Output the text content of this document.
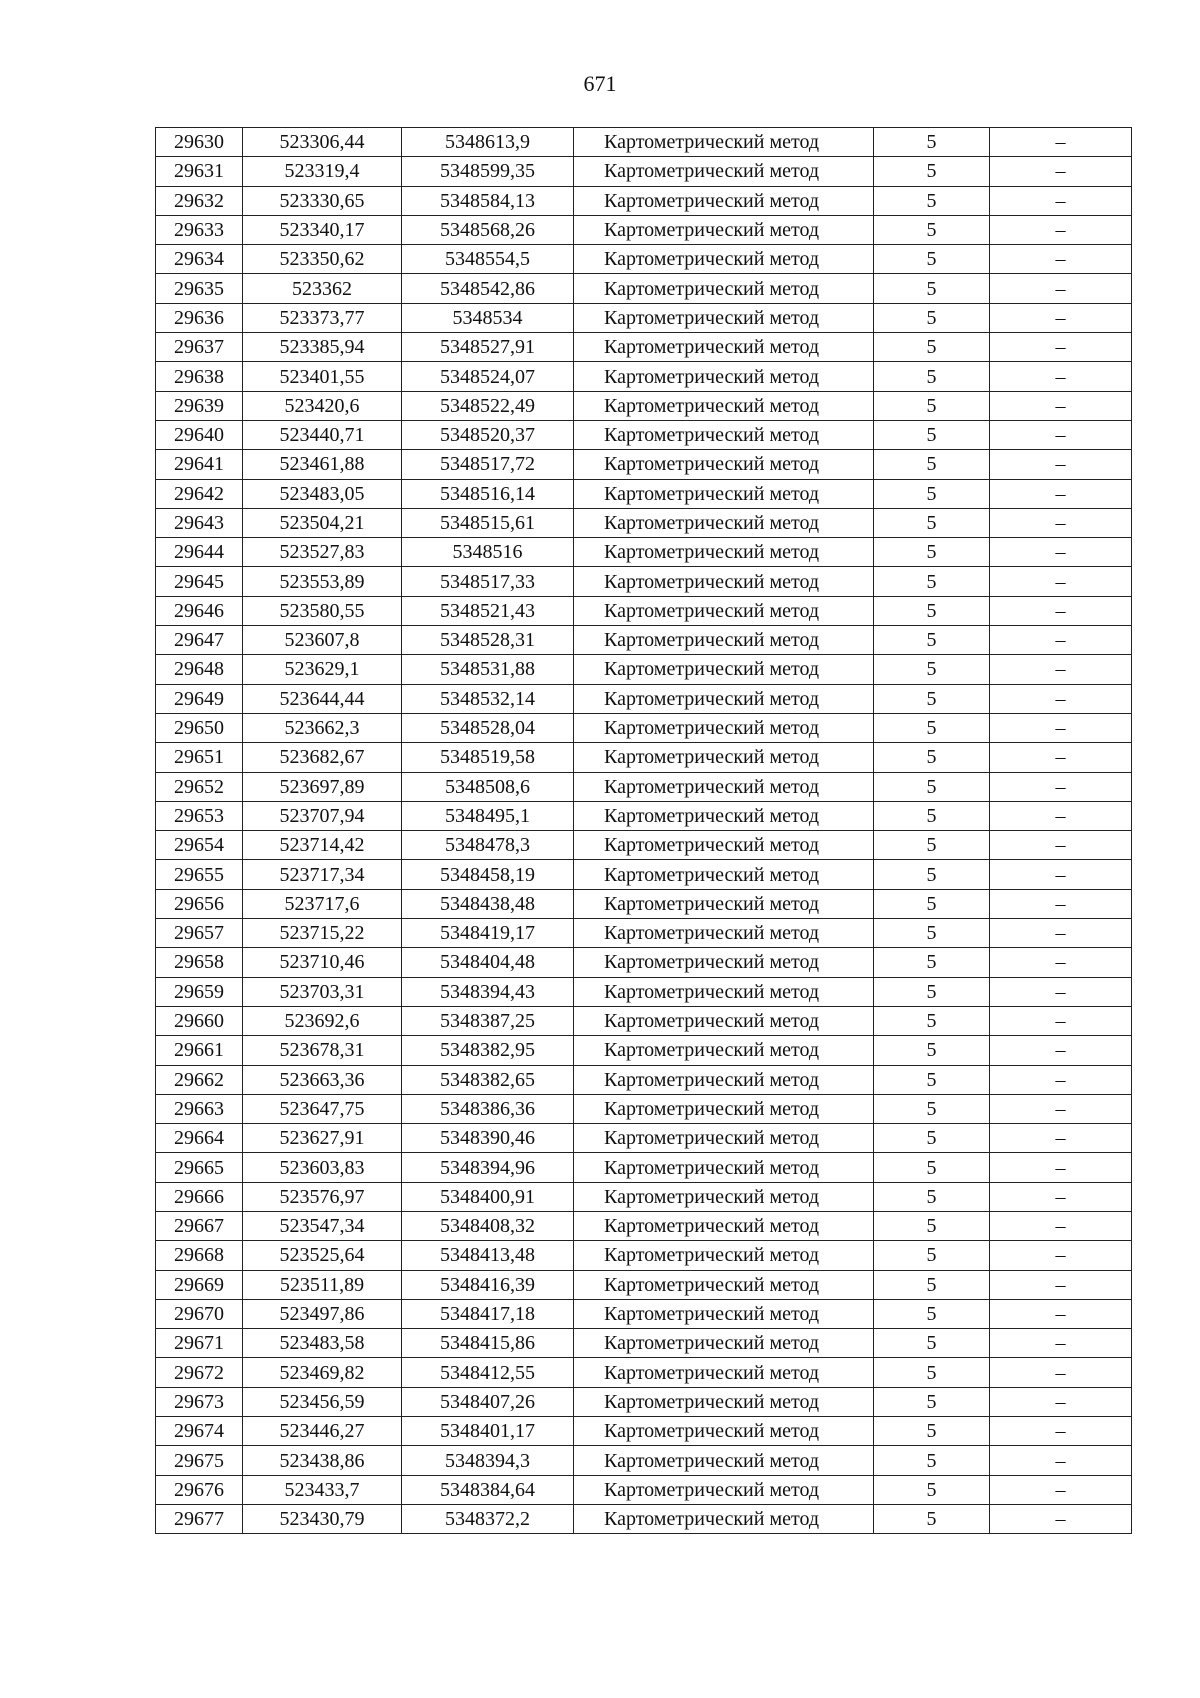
671
29630	523306,44	5348613,9	Картометрический метод	5	–
29631	523319,4	5348599,35	Картометрический метод	5	–
29632	523330,65	5348584,13	Картометрический метод	5	–
29633	523340,17	5348568,26	Картометрический метод	5	–
29634	523350,62	5348554,5	Картометрический метод	5	–
29635	523362	5348542,86	Картометрический метод	5	–
29636	523373,77	5348534	Картометрический метод	5	–
29637	523385,94	5348527,91	Картометрический метод	5	–
29638	523401,55	5348524,07	Картометрический метод	5	–
29639	523420,6	5348522,49	Картометрический метод	5	–
29640	523440,71	5348520,37	Картометрический метод	5	–
29641	523461,88	5348517,72	Картометрический метод	5	–
29642	523483,05	5348516,14	Картометрический метод	5	–
29643	523504,21	5348515,61	Картометрический метод	5	–
29644	523527,83	5348516	Картометрический метод	5	–
29645	523553,89	5348517,33	Картометрический метод	5	–
29646	523580,55	5348521,43	Картометрический метод	5	–
29647	523607,8	5348528,31	Картометрический метод	5	–
29648	523629,1	5348531,88	Картометрический метод	5	–
29649	523644,44	5348532,14	Картометрический метод	5	–
29650	523662,3	5348528,04	Картометрический метод	5	–
29651	523682,67	5348519,58	Картометрический метод	5	–
29652	523697,89	5348508,6	Картометрический метод	5	–
29653	523707,94	5348495,1	Картометрический метод	5	–
29654	523714,42	5348478,3	Картометрический метод	5	–
29655	523717,34	5348458,19	Картометрический метод	5	–
29656	523717,6	5348438,48	Картометрический метод	5	–
29657	523715,22	5348419,17	Картометрический метод	5	–
29658	523710,46	5348404,48	Картометрический метод	5	–
29659	523703,31	5348394,43	Картометрический метод	5	–
29660	523692,6	5348387,25	Картометрический метод	5	–
29661	523678,31	5348382,95	Картометрический метод	5	–
29662	523663,36	5348382,65	Картометрический метод	5	–
29663	523647,75	5348386,36	Картометрический метод	5	–
29664	523627,91	5348390,46	Картометрический метод	5	–
29665	523603,83	5348394,96	Картометрический метод	5	–
29666	523576,97	5348400,91	Картометрический метод	5	–
29667	523547,34	5348408,32	Картометрический метод	5	–
29668	523525,64	5348413,48	Картометрический метод	5	–
29669	523511,89	5348416,39	Картометрический метод	5	–
29670	523497,86	5348417,18	Картометрический метод	5	–
29671	523483,58	5348415,86	Картометрический метод	5	–
29672	523469,82	5348412,55	Картометрический метод	5	–
29673	523456,59	5348407,26	Картометрический метод	5	–
29674	523446,27	5348401,17	Картометрический метод	5	–
29675	523438,86	5348394,3	Картометрический метод	5	–
29676	523433,7	5348384,64	Картометрический метод	5	–
29677	523430,79	5348372,2	Картометрический метод	5	–
